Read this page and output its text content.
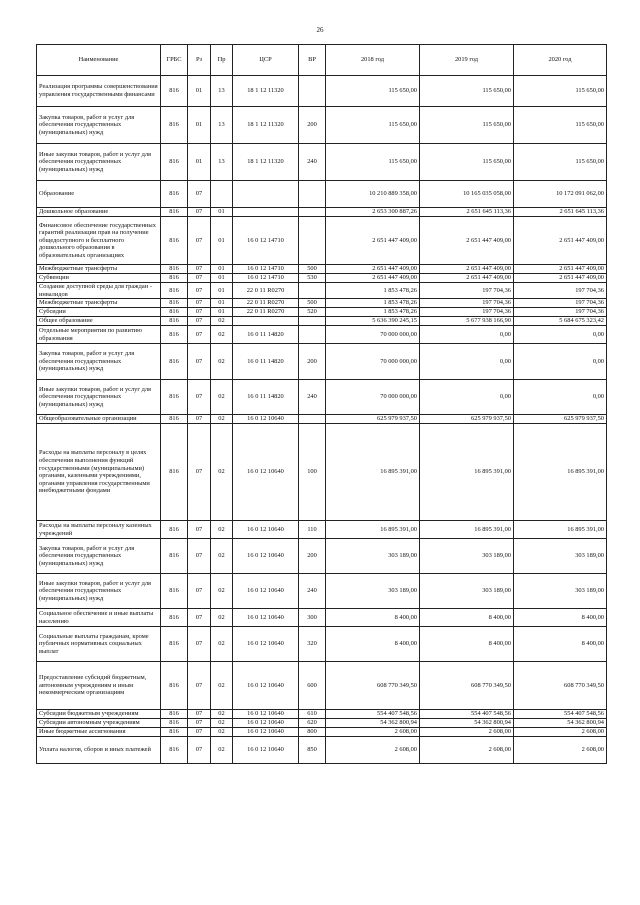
26
Наименование	ГРБС	Рз	Пр	ЦСР	ВР	2018 год	2019 год	2020 год
Реализация программы совершенствования управления государственными финансами	816	01	13	18 1 12 11320		115 650,00	115 650,00	115 650,00
Закупка товаров, работ и услуг для обеспечения государственных (муниципальных) нужд	816	01	13	18 1 12 11320	200	115 650,00	115 650,00	115 650,00
Иные закупки товаров, работ и услуг для обеспечения государственных (муниципальных) нужд	816	01	13	18 1 12 11320	240	115 650,00	115 650,00	115 650,00
Образование	816	07				10 210 889 358,00	10 165 035 058,00	10 172 091 062,00
Дошкольное образование	816	07	01			2 653 300 887,26	2 651 645 113,36	2 651 645 113,36
Финансовое обеспечение государственных гарантий реализации прав на получение общедоступного и бесплатного дошкольного образования в образовательных организациях	816	07	01	16 0 12 14710		2 651 447 409,00	2 651 447 409,00	2 651 447 409,00
Межбюджетные трансферты	816	07	01	16 0 12 14710	500	2 651 447 409,00	2 651 447 409,00	2 651 447 409,00
Субвенции	816	07	01	16 0 12 14710	530	2 651 447 409,00	2 651 447 409,00	2 651 447 409,00
Создание доступной среды для граждан - инвалидов	816	07	01	22 0 11 R0270		1 853 478,26	197 704,36	197 704,36
Межбюджетные трансферты	816	07	01	22 0 11 R0270	500	1 853 478,26	197 704,36	197 704,36
Субсидии	816	07	01	22 0 11 R0270	520	1 853 478,26	197 704,36	197 704,36
Общее образование	816	07	02			5 636 390 245,15	5 677 938 166,90	5 684 675 323,42
Отдельные мероприятия по развитию образования	816	07	02	16 0 11 14820		70 000 000,00	0,00	0,00
Закупка товаров, работ и услуг для обеспечения государственных (муниципальных) нужд	816	07	02	16 0 11 14820	200	70 000 000,00	0,00	0,00
Иные закупки товаров, работ и услуг для обеспечения государственных (муниципальных) нужд	816	07	02	16 0 11 14820	240	70 000 000,00	0,00	0,00
Общеобразовательные организации	816	07	02	16 0 12 10640		625 979 937,50	625 979 937,50	625 979 937,50
Расходы на выплаты персоналу в целях обеспечения выполнения функций государственными (муниципальными) органами, казенными учреждениями, органами управления государственными внебюджетными фондами	816	07	02	16 0 12 10640	100	16 895 391,00	16 895 391,00	16 895 391,00
Расходы на выплаты персоналу казенных учреждений	816	07	02	16 0 12 10640	110	16 895 391,00	16 895 391,00	16 895 391,00
Закупка товаров, работ и услуг для обеспечения государственных (муниципальных) нужд	816	07	02	16 0 12 10640	200	303 189,00	303 189,00	303 189,00
Иные закупки товаров, работ и услуг для обеспечения государственных (муниципальных) нужд	816	07	02	16 0 12 10640	240	303 189,00	303 189,00	303 189,00
Социальное обеспечение и иные выплаты населению	816	07	02	16 0 12 10640	300	8 400,00	8 400,00	8 400,00
Социальные выплаты гражданам, кроме публичных нормативных социальных выплат	816	07	02	16 0 12 10640	320	8 400,00	8 400,00	8 400,00
Предоставление субсидий бюджетным, автономным учреждениям и иным некоммерческим организациям	816	07	02	16 0 12 10640	600	608 770 349,50	608 770 349,50	608 770 349,50
Субсидии бюджетным учреждениям	816	07	02	16 0 12 10640	610	554 407 548,56	554 407 548,56	554 407 548,56
Субсидии автономным учреждениям	816	07	02	16 0 12 10640	620	54 362 800,94	54 362 800,94	54 362 800,94
Иные бюджетные ассигнования	816	07	02	16 0 12 10640	800	2 608,00	2 608,00	2 608,00
Уплата налогов, сборов и иных платежей	816	07	02	16 0 12 10640	850	2 608,00	2 608,00	2 608,00
